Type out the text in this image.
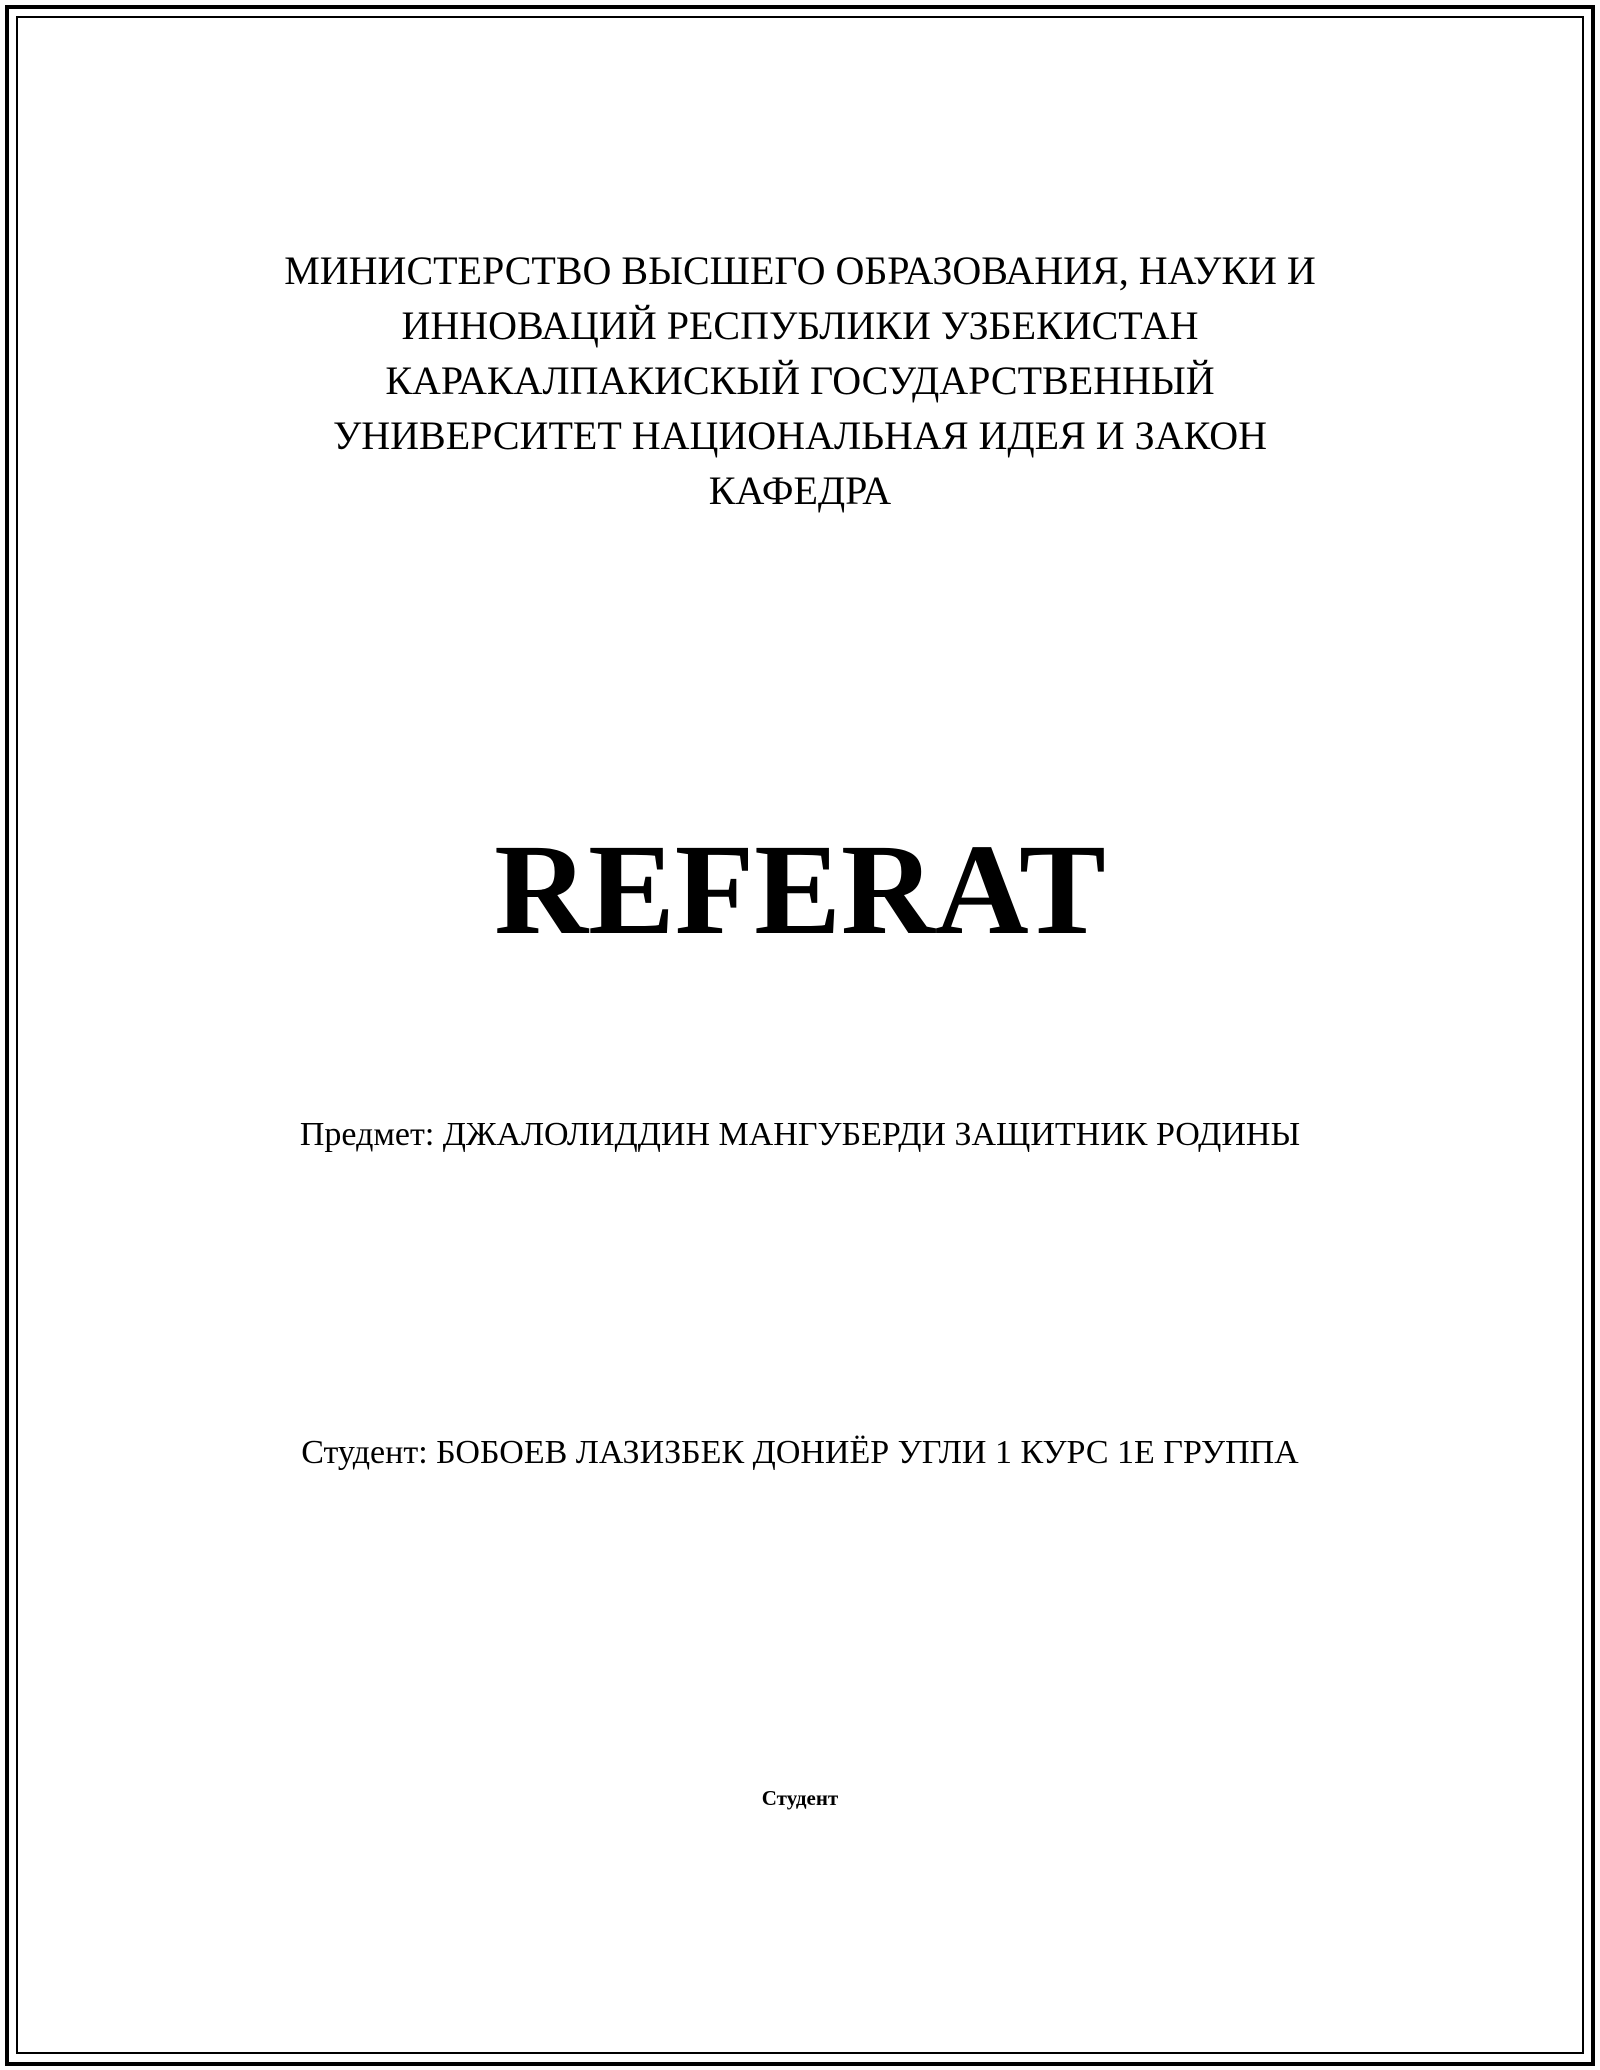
МИНИСТЕРСТВО ВЫСШЕГО ОБРАЗОВАНИЯ, НАУКИ И
ИННОВАЦИЙ РЕСПУБЛИКИ УЗБЕКИСТАН
КАРАКАЛПАКИСКЫЙ ГОСУДАРСТВЕННЫЙ
УНИВЕРСИТЕТ НАЦИОНАЛЬНАЯ ИДЕЯ И ЗАКОН
КАФЕДРА
REFERAT
Предмет: ДЖАЛОЛИДДИН МАНГУБЕРДИ ЗАЩИТНИК РОДИНЫ
Студент: БОБОЕВ ЛАЗИЗБЕК ДОНИЁР УГЛИ 1 КУРС 1Е ГРУППА
Студент
